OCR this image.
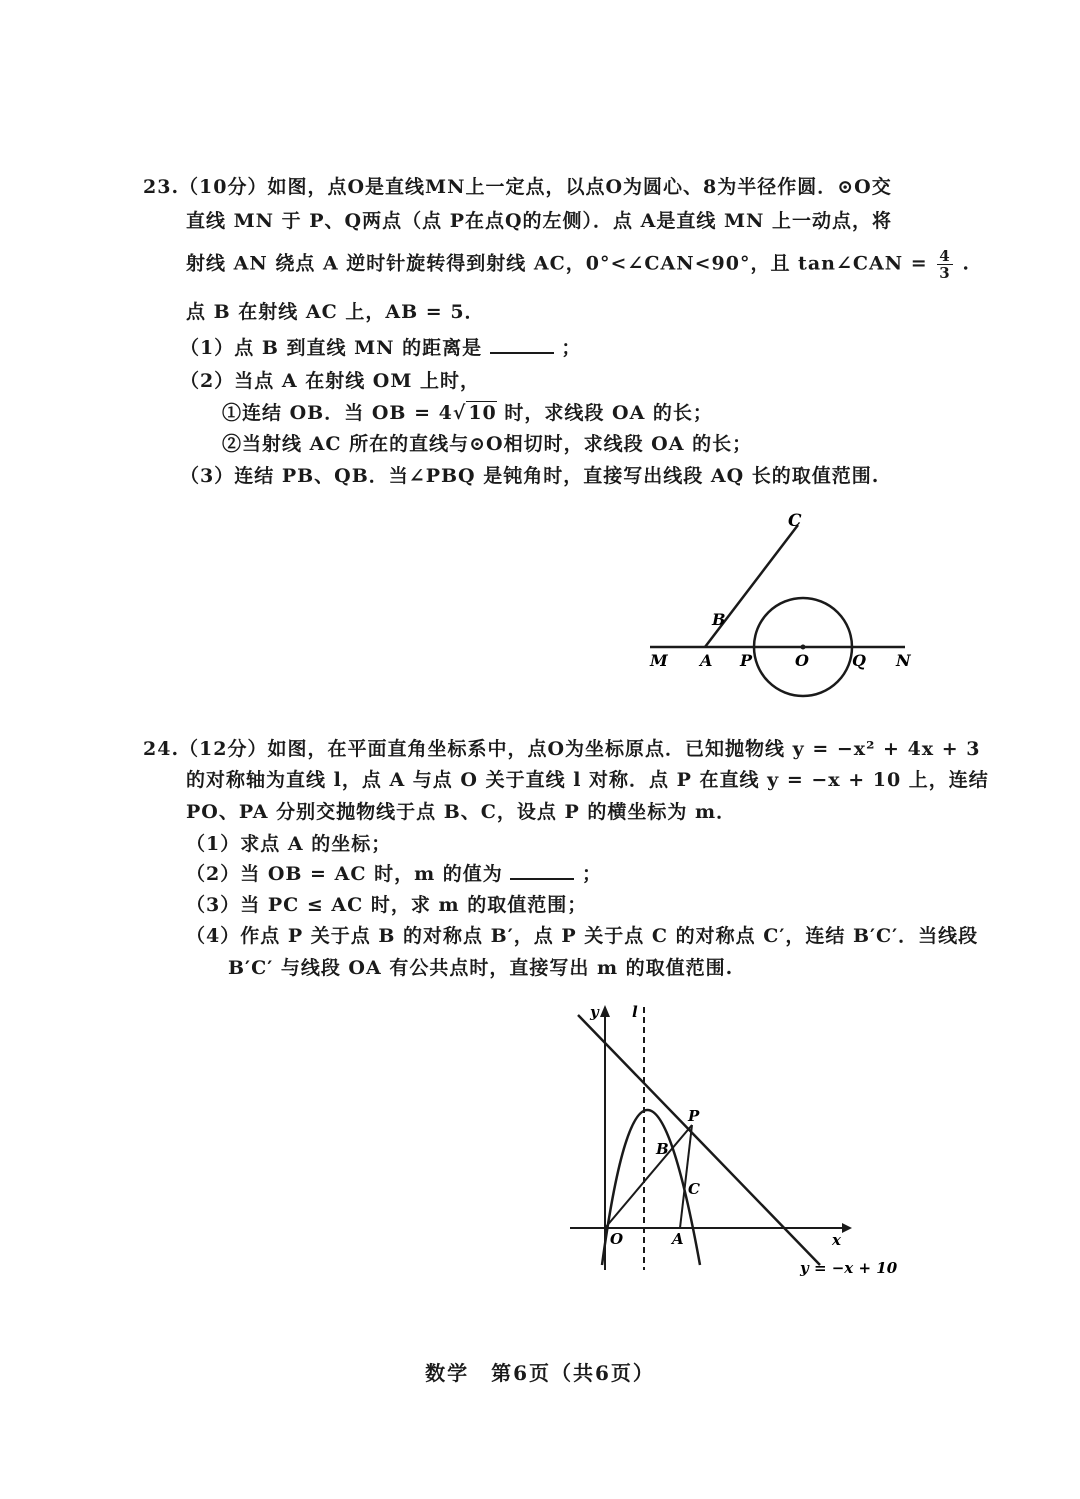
23.（10分）如图，点O是直线MN上一定点，以点O为圆心、8为半径作圆．⊙O交
直线 MN 于 P、Q两点（点 P在点Q的左侧）．点 A是直线 MN 上一动点，将
射线 AN 绕点 A 逆时针旋转得到射线 AC，0°<∠CAN<90°，且 tan∠CAN = $\frac{4}{3}$ .
点 B 在射线 AC 上，AB = 5．
（1）点 B 到直线 MN 的距离是	；
（2）当点 A 在射线 OM 上时，
①连结 OB．当 OB = 4√ 10 时，求线段 OA 的长；
②当射线 AC 所在的直线与⊙O相切时，求线段 OA 的长；
（3）连结 PB、QB．当∠PBQ 是钝角时，直接写出线段 AQ 长的取值范围.
C
B
M A P	O	Q N
24.（12分）如图，在平面直角坐标系中，点O为坐标原点．已知抛物线 y = −x² + 4x + 3
的对称轴为直线 l，点 A 与点 O 关于直线 l 对称．点 P 在直线 y = −x + 10 上，连结
PO、PA 分别交抛物线于点 B、C，设点 P 的横坐标为 m．
（1）求点 A 的坐标；
（2）当 OB = AC 时，m 的值为	；
（3）当 PC ≤ AC 时，求 m 的取值范围；
（4）作点 P 关于点 B 的对称点 B′，点 P 关于点 C 的对称点 C′，连结 B′C′．当线段
B′C′ 与线段 OA 有公共点时，直接写出 m 的取值范围.
y l
x
O	A
P
B
C
y = −x + 10
数学　第6页（共6页）
